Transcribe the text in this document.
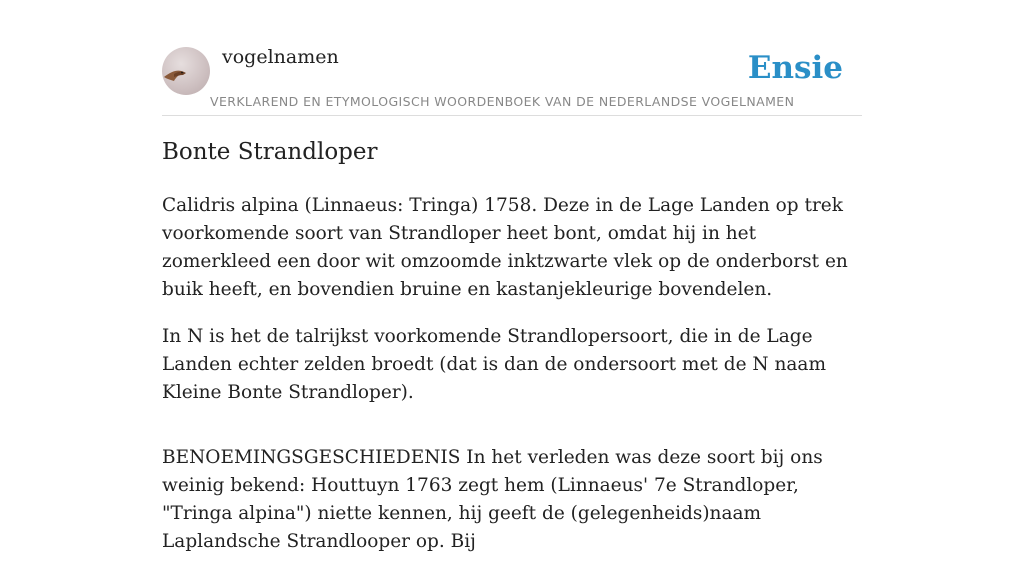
vogelnamen	Ensie
VERKLAREND EN ETYMOLOGISCH WOORDENBOEK VAN DE NEDERLANDSE VOGELNAMEN
Bonte Strandloper

Calidris alpina (Linnaeus: Tringa) 1758. Deze in de Lage Landen op trek voorkomende soort van Strandloper heet bont, omdat hij in het zomerkleed een door wit omzoomde inktzwarte vlek op de onderborst en buik heeft, en bovendien bruine en kastanjekleurige bovendelen.

In N is het de talrijkst voorkomende Strandlopersoort, die in de Lage Landen echter zelden broedt (dat is dan de ondersoort met de N naam Kleine Bonte Strandloper).

BENOEMINGSGESCHIEDENIS In het verleden was deze soort bij ons weinig bekend: Houttuyn 1763 zegt hem (Linnaeus' 7e Strandloper, "Tringa alpina") niette kennen, hij geeft de (gelegenheids)naam Laplandsche Strandlooper op. Bij
